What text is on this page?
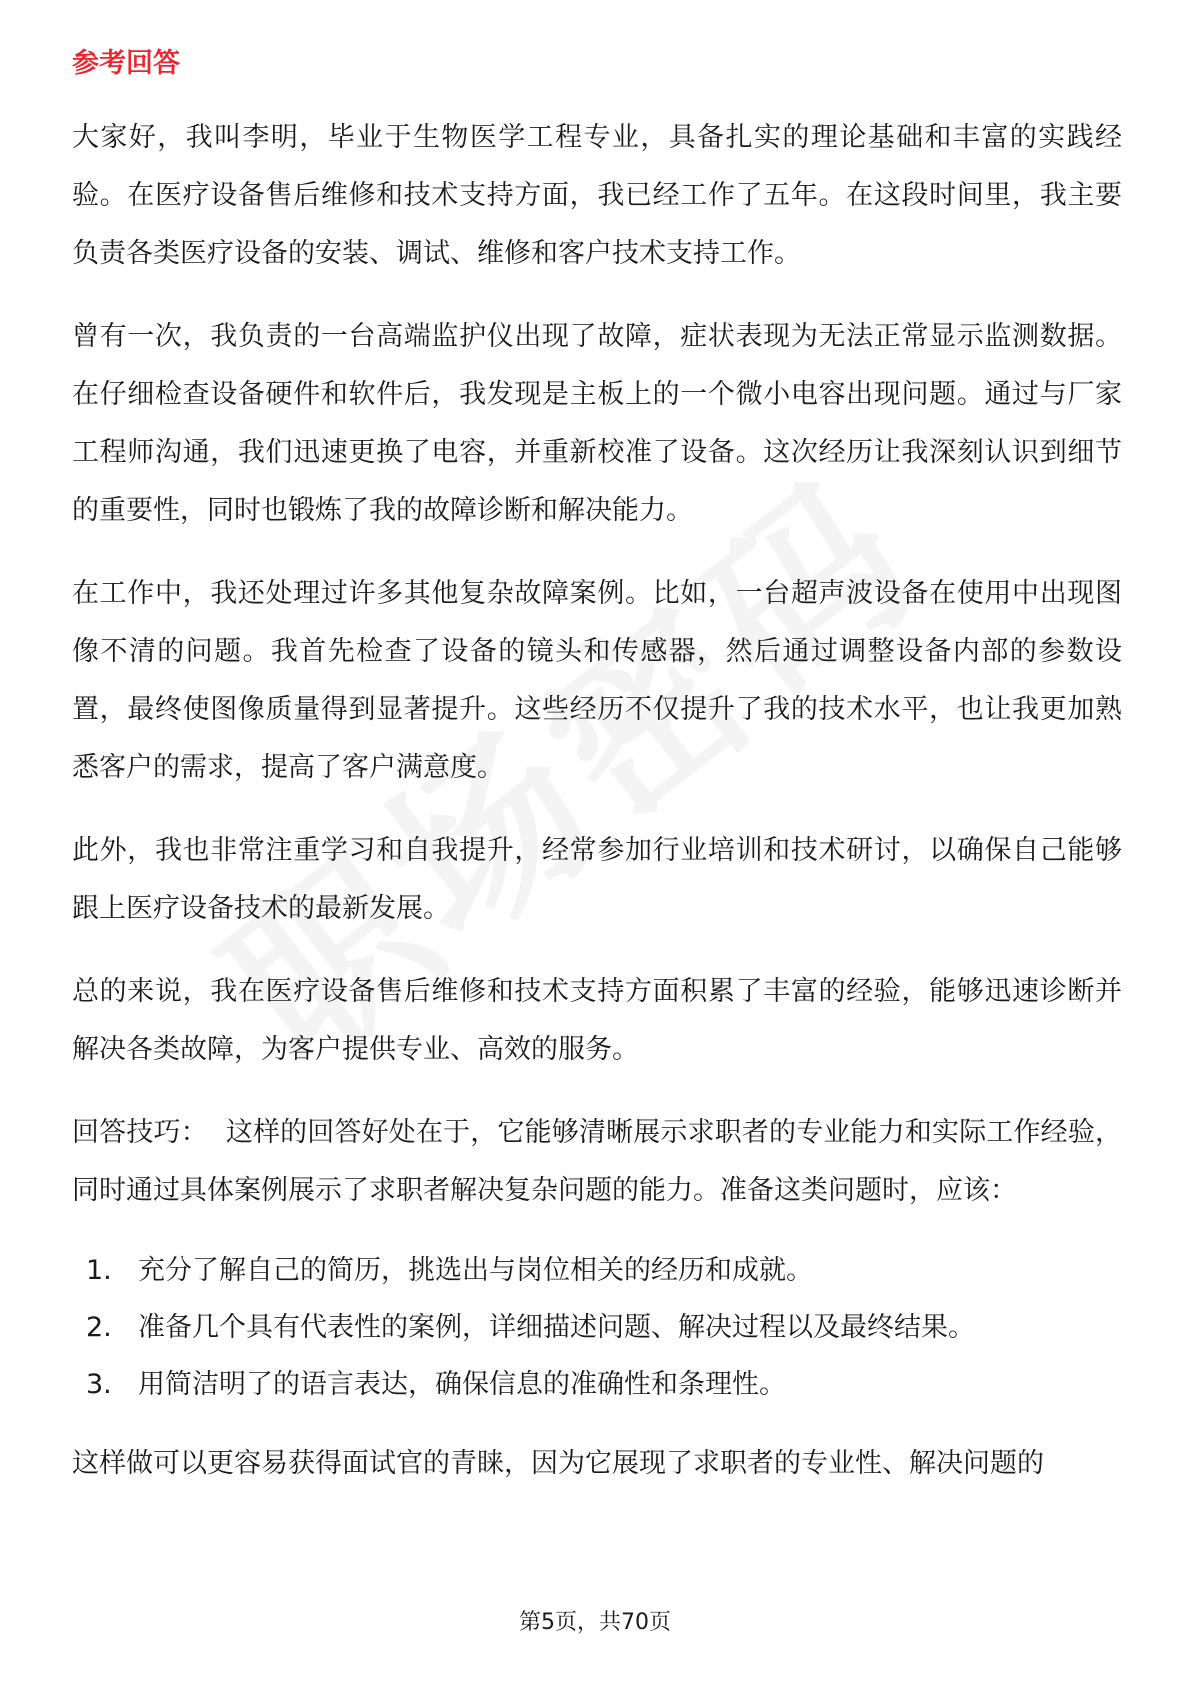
参考回答

大家好，我叫李明，毕业于生物医学工程专业，具备扎实的理论基础和丰富的实践经验。在医疗设备售后维修和技术支持方面，我已经工作了五年。在这段时间里，我主要负责各类医疗设备的安装、调试、维修和客户技术支持工作。

曾有一次，我负责的一台高端监护仪出现了故障，症状表现为无法正常显示监测数据。在仔细检查设备硬件和软件后，我发现是主板上的一个微小电容出现问题。通过与厂家工程师沟通，我们迅速更换了电容，并重新校准了设备。这次经历让我深刻认识到细节的重要性，同时也锻炼了我的故障诊断和解决能力。

在工作中，我还处理过许多其他复杂故障案例。比如，一台超声波设备在使用中出现图像不清的问题。我首先检查了设备的镜头和传感器，然后通过调整设备内部的参数设置，最终使图像质量得到显著提升。这些经历不仅提升了我的技术水平，也让我更加熟悉客户的需求，提高了客户满意度。

此外，我也非常注重学习和自我提升，经常参加行业培训和技术研讨，以确保自己能够跟上医疗设备技术的最新发展。

总的来说，我在医疗设备售后维修和技术支持方面积累了丰富的经验，能够迅速诊断并解决各类故障，为客户提供专业、高效的服务。

回答技巧： 这样的回答好处在于，它能够清晰展示求职者的专业能力和实际工作经验，同时通过具体案例展示了求职者解决复杂问题的能力。准备这类问题时，应该：

1. 充分了解自己的简历，挑选出与岗位相关的经历和成就。
2. 准备几个具有代表性的案例，详细描述问题、解决过程以及最终结果。
3. 用简洁明了的语言表达，确保信息的准确性和条理性。

这样做可以更容易获得面试官的青睐，因为它展现了求职者的专业性、解决问题的

第5页，共70页
